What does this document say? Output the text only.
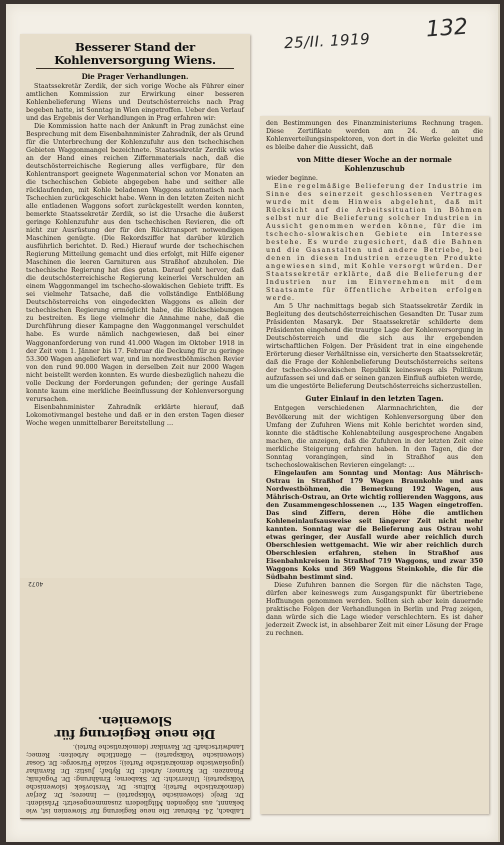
25/II. 1919 132
Besserer Stand der Kohlenversorgung Wiens.
Die Prager Verhandlungen.

Staatssekretär Zerdik, der sich vorige Woche als Führer einer amtlichen Kommission zur Erwirkung einer besseren Kohlenbelieferung Wiens und Deutschösterreichs nach Prag begeben hatte, ist Sonntag in Wien eingetroffen. Ueber den Verlauf und das Ergebnis der Verhandlungen in Prag erfahren wir:

Die Kommission hatte nach der Ankunft in Prag zunächst eine Besprechung mit dem Eisenbahnminister Zahradník, der als Grund für die Unterbrechung der Kohlenzufuhr aus den tschechischen Gebieten Waggonmangel bezeichnete. Staatssekretär Zerdik wies an der Hand eines reichen Ziffernmaterials nach, daß die deutschösterreichische Regierung alles verfügbare, für den Kohlentransport geeignete Wagenmaterial schon vor Monaten an die tschechischen Gebiete abgegeben habe und seither alle rücklaufenden, mit Kohle beladenen Waggons automatisch nach Tschechien zurückgeschickt habe. Wenn in den letzten Zeiten nicht alle entladenen Waggons sofort zurückgestellt werden konnten, bemerkte Staatssekretär Zerdik, so ist die Ursache die äußerst geringe Kohlenzufuhr aus den tschechischen Revieren, die oft nicht zur Ausrüstung der für den Rücktransport notwendigen Maschinen genügte. (Die Rekordsziffer hat darüber kürzlich ausführlich berichtet. D. Red.) Hierauf wurde der tschechischen Regierung Mitteilung gemacht und dies erfolgt, mit Hilfe eigener Maschinen die leeren Garnituren aus Straßhof abzuholen. Die tschechische Regierung hat dies getan. Darauf geht hervor, daß die deutschösterreichische Regierung keinerlei Verschulden an einem Waggonmangel im tschecho-slowakischen Gebiete trifft. Es sei vielmehr Tatsache, daß die vollständige Entblößung Deutschösterreichs von eingedeckten Waggons es allein der tschechischen Regierung ermöglicht habe, die Rückschiebungen zu bestreiten. Es liege vielmehr die Annahme nahe, daß die Durchführung dieser Kampagne den Waggonmangel verschuldet habe. Es wurde nämlich nachgewiesen, daß bei einer Waggonanforderung von rund 41.000 Wagen im Oktober 1918 in der Zeit vom 1. Jänner bis 17. Februar die Deckung für zu geringe 53.300 Wagen angeliefert war, und im nordwestböhmischen Revier von den rund 90.000 Wagen in derselben Zeit nur 2000 Wagen nicht beistellt werden konnten. Es wurde diesbezüglich nahezu die volle Deckung der Forderungen gefunden; der geringe Ausfall konnte kaum eine merkliche Beeinflussung der Kohlenversorgung verursachen.

Eisenbahnminister Zahradník erklärte hierauf, daß Lokomotivmangel bestehe und daß er in den ersten Tagen dieser Woche wegen unmittelbarer Bereitstellung …

Laibach, 24. Februar. Die neue Regierung für Slowenien ist, wie bekannt, aus folgenden Mitgliedern zusammengesetzt: Präsident: Dr. Brejc (slowenische Volkspartei) — Inneres; Dr. Žerjav (demokratische Partei); Kultus: Dr. Verstovšek (slowenische Volkspartei); Unterricht: Dr. Skaberne; Ernährung: Dr. Pogačnik; Finanzen: Dr. Kramer; Arbeit: Dr. Rybař; Justiz: Dr. Ravnihar (jugoslawische demokratische Partei); soziale Fürsorge: Dr. Gosar (slowenische Volkspartei) — öffentliche Arbeiten: Remec; Landwirtschaft: Dr. Ravnikar (demokratische Partei).

Die neue Regierung für Slowenien.
4072

den Bestimmungen des Finanzministeriums Rechnung tragen. Diese Zertifikate werden am 24. d. an die Kohlenverteilungsinspektoren, von dort in die Werke geleitet und es bleibe daher die Aussicht, daß

von Mitte dieser Woche an der normale Kohlenzuschub

wieder beginne.

Eine regelmäßige Belieferung der Industrie im Sinne des seinerzeit geschlossenen Vertrages wurde mit dem Hinweis abgelehnt, daß mit Rücksicht auf die Arbeitssituation in Böhmen selbst nur die Belieferung solcher Industrien in Aussicht genommen werden könne, für die im tschecho-slowakischen Gebiete ein Interesse bestehe. Es wurde zugesichert, daß die Bahnen und die Gasanstalten und andere Betriebe, bei denen in diesen Industrien erzeugten Produkte angewiesen sind, mit Kohle versorgt würden. Der Staatssekretär erklärte, daß die Belieferung der Industrien nur im Einvernehmen mit dem Staatsamte für öffentliche Arbeiten erfolgen werde.

Am 5 Uhr nachmittags begab sich Staatssekretär Zerdik in Begleitung des deutschösterreichischen Gesandten Dr. Tusar zum Präsidenten Masaryk. Der Staatssekretär schilderte dem Präsidenten eingehend die traurige Lage der Kohlenversorgung in Deutschösterreich und die sich aus ihr ergebenden wirtschaftlichen Folgen. Der Präsident trat in eine eingehende Erörterung dieser Verhältnisse ein, versicherte den Staatssekretär, daß die Frage der Kohlenbelieferung Deutschösterreichs seitens der tschecho-slowakischen Republik keineswegs als Politikum aufzufassen sei und daß er seinen ganzen Einfluß aufbieten werde, um die ungestörte Belieferung Deutschösterreichs sicherzustellen.

Guter Einlauf in den letzten Tagen.

Entgegen verschiedenen Alarmnachrichten, die der Bevölkerung mit der wichtigen Kohlenversorgung über den Umfang der Zufuhren Wiens mit Kohle berichtet worden sind, konnte die städtische Kohlenabteilung ausgesprochene Angaben machen, die anzeigen, daß die Zufuhren in der letzten Zeit eine merkliche Steigerung erfahren haben. In den Tagen, die der Sonntag vorangingen, sind in Straßhof aus den tschechoslowakischen Revieren eingelangt: ...

Eingelaufen am Sonntag und Montag: Aus Mährisch-Ostrau in Straßhof 179 Wagen Braunkohle und aus Nordwestböhmen, die Bemerkung 192 Wagen, aus Mährisch-Ostrau, an Orte wichtig rollierenden Waggons, aus den Zusammengeschlossenen ..., 135 Wagen eingetroffen. Das sind Ziffern, deren Höhe die amtlichen Kohleneinlaufsausweise seit längerer Zeit nicht mehr kannten. Sonntag war die Belieferung aus Ostrau wohl etwas geringer, der Ausfall wurde aber reichlich durch Oberschlesien wettgemacht. Wie wir aber reichlich durch Oberschlesien erfahren, stehen in Straßhof aus Eisenbahnkreisen in Straßhof 719 Waggons, und zwar 350 Waggons Koks und 369 Waggons Steinkohle, die für die Südbahn bestimmt sind.

Diese Zufuhren bannen die Sorgen für die nächsten Tage, dürfen aber keineswegs zum Ausgangspunkt für übertriebene Hoffnungen genommen werden. Sollten sich aber kein dauernde praktische Folgen der Verhandlungen in Berlin und Prag zeigen, dann würde sich die Lage wieder verschlechtern. Es ist daher jederzeit Zweck ist, in absehbarer Zeit mit einer Lösung der Frage zu rechnen.
